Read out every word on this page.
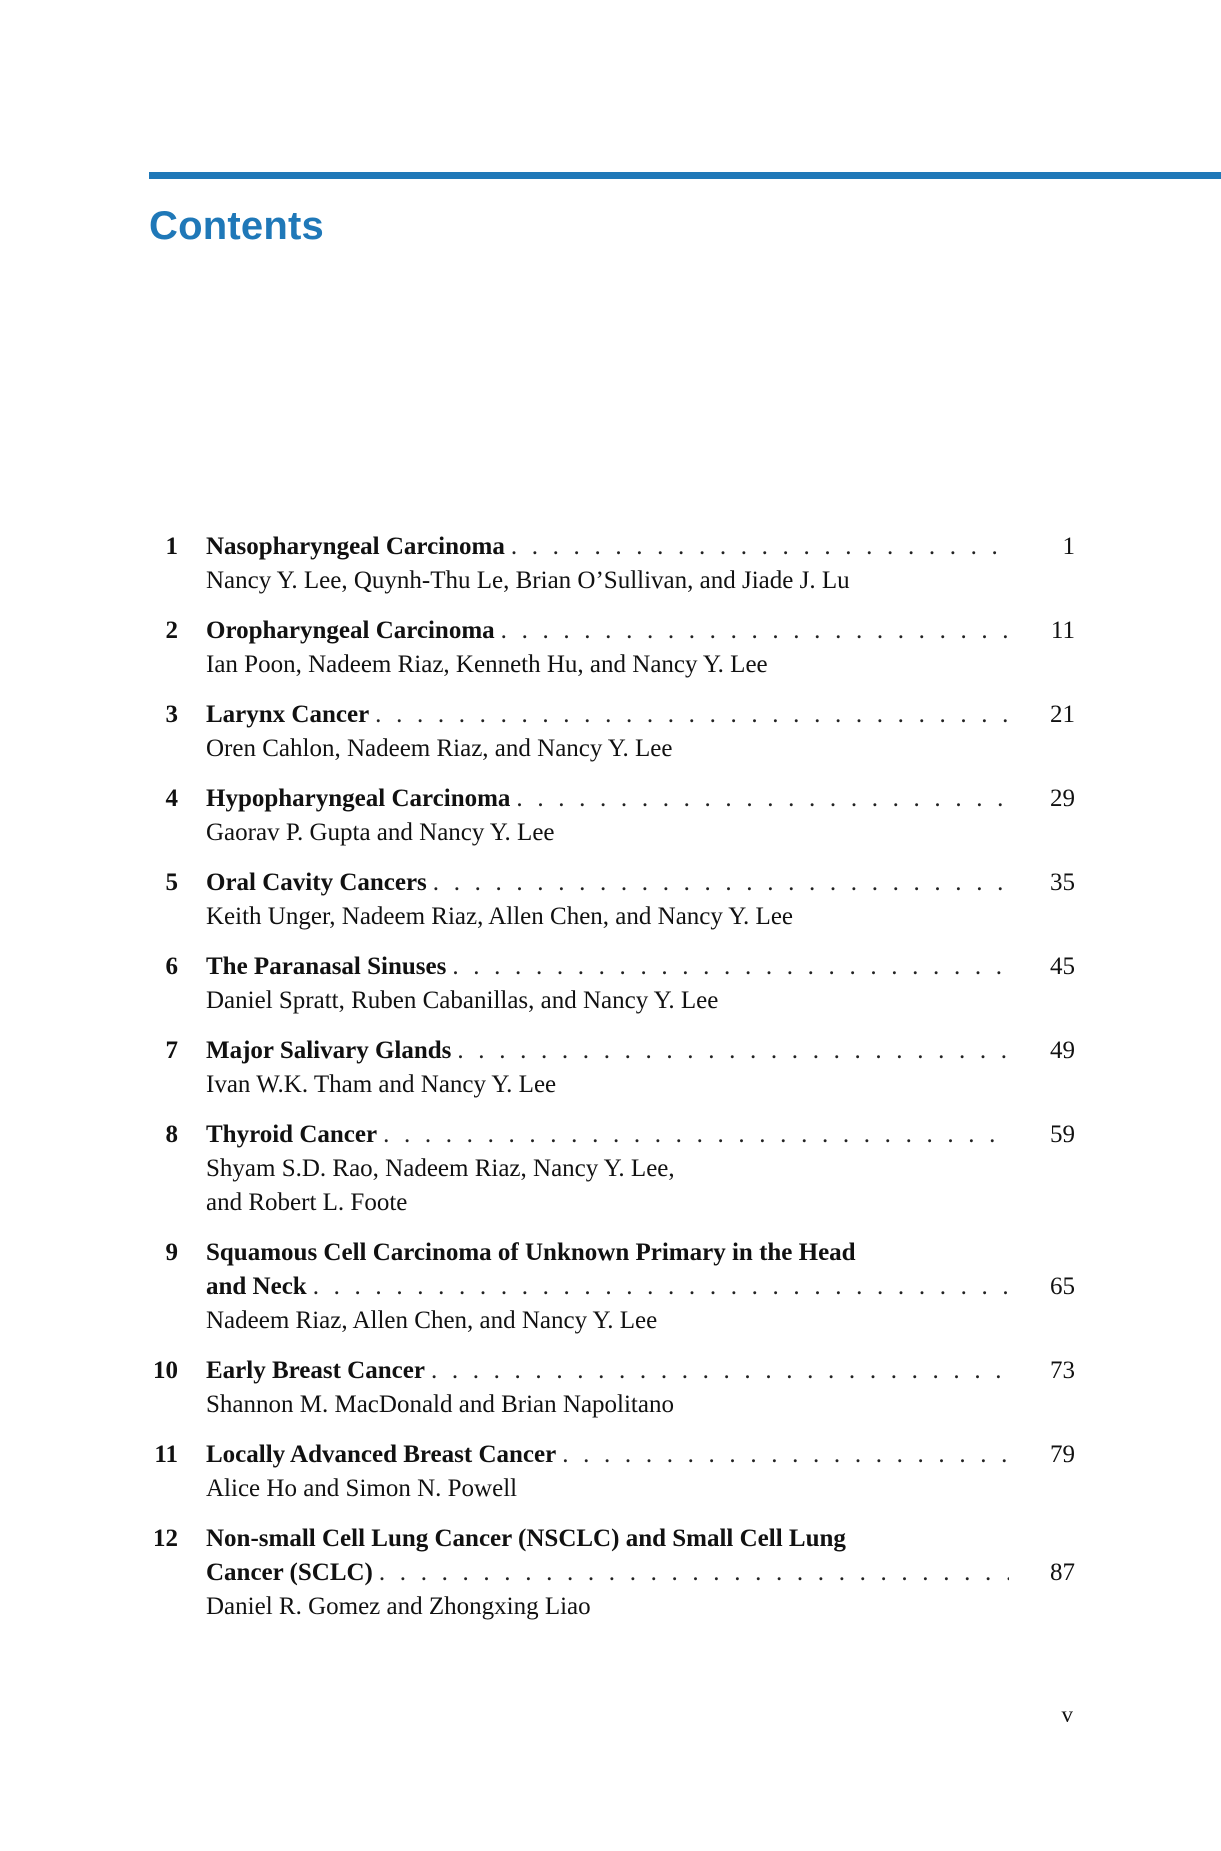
Contents
1 Nasopharyngeal Carcinoma . . .	1
Nancy Y. Lee, Quynh-Thu Le, Brian O’Sullivan, and Jiade J. Lu
2 Oropharyngeal Carcinoma . . .	11
Ian Poon, Nadeem Riaz, Kenneth Hu, and Nancy Y. Lee
3 Larynx Cancer . . .	21
Oren Cahlon, Nadeem Riaz, and Nancy Y. Lee
4 Hypopharyngeal Carcinoma . . .	29
Gaorav P. Gupta and Nancy Y. Lee
5 Oral Cavity Cancers . . .	35
Keith Unger, Nadeem Riaz, Allen Chen, and Nancy Y. Lee
6 The Paranasal Sinuses . . .	45
Daniel Spratt, Ruben Cabanillas, and Nancy Y. Lee
7 Major Salivary Glands . . .	49
Ivan W.K. Tham and Nancy Y. Lee
8 Thyroid Cancer . . .	59
Shyam S.D. Rao, Nadeem Riaz, Nancy Y. Lee,
and Robert L. Foote
9 Squamous Cell Carcinoma of Unknown Primary in the Head
and Neck . . .	65
Nadeem Riaz, Allen Chen, and Nancy Y. Lee
10 Early Breast Cancer . . .	73
Shannon M. MacDonald and Brian Napolitano
11 Locally Advanced Breast Cancer . . .	79
Alice Ho and Simon N. Powell
12 Non-small Cell Lung Cancer (NSCLC) and Small Cell Lung
Cancer (SCLC) . . .	87
Daniel R. Gomez and Zhongxing Liao
v
